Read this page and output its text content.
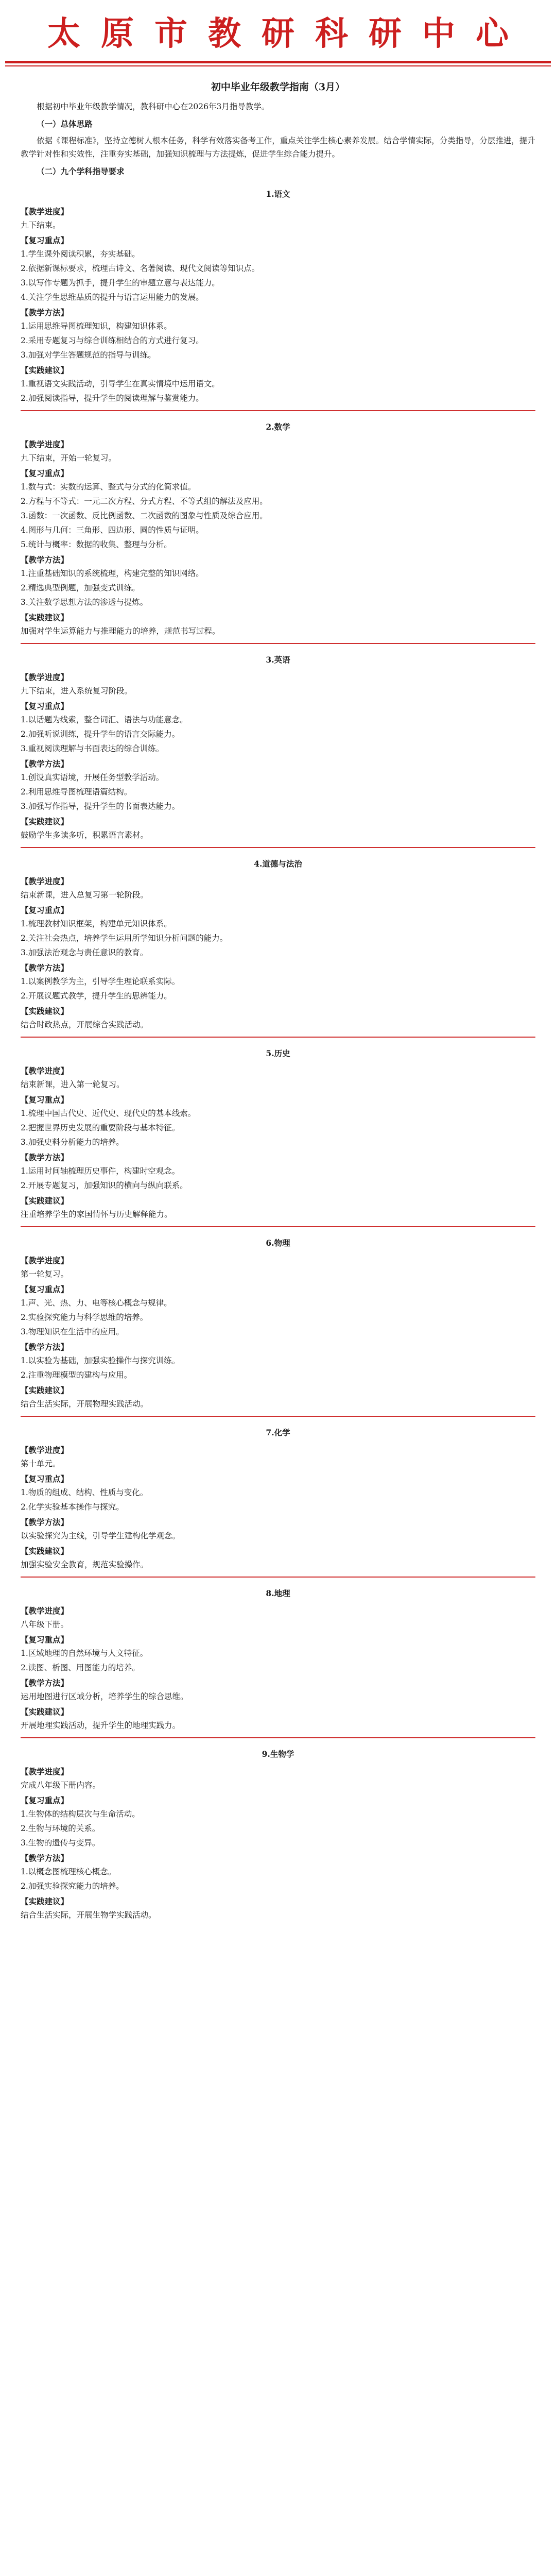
太原市教研科研中心
初中毕业年级教学指南（3月）
根据初中毕业年级教学情况，教科研中心在2026年3月指导教学。
（一）总体思路
依据《课程标准》，坚持立德树人根本任务，科学有效落实备考工作，重点关注学生核心素养发展。结合学情实际，分类指导，分层推进，提升教学针对性和实效性，注重夯实基础，加强知识梳理与方法提炼，促进学生综合能力提升。
（二）九个学科指导要求
1.语文
【教学进度】
九下结束。
【复习重点】
1.学生课外阅读积累，夯实基础。
2.依据新课标要求，梳理古诗文、名著阅读、现代文阅读等知识点。
3.以写作专题为抓手，提升学生的审题立意与表达能力。
4.关注学生思维品质的提升与语言运用能力的发展。
【教学方法】
1.运用思维导图梳理知识，构建知识体系。
2.采用专题复习与综合训练相结合的方式进行复习。
3.加强对学生答题规范的指导与训练。
【实践建议】
1.重视语文实践活动，引导学生在真实情境中运用语文。
2.加强阅读指导，提升学生的阅读理解与鉴赏能力。
2.数学
【教学进度】
九下结束，开始一轮复习。
【复习重点】
1.数与式：实数的运算、整式与分式的化简求值。
2.方程与不等式：一元二次方程、分式方程、不等式组的解法及应用。
3.函数：一次函数、反比例函数、二次函数的图象与性质及综合应用。
4.图形与几何：三角形、四边形、圆的性质与证明。
5.统计与概率：数据的收集、整理与分析。
【教学方法】
1.注重基础知识的系统梳理，构建完整的知识网络。
2.精选典型例题，加强变式训练。
3.关注数学思想方法的渗透与提炼。
【实践建议】
加强对学生运算能力与推理能力的培养，规范书写过程。
3.英语
【教学进度】
九下结束，进入系统复习阶段。
【复习重点】
1.以话题为线索，整合词汇、语法与功能意念。
2.加强听说训练，提升学生的语言交际能力。
3.重视阅读理解与书面表达的综合训练。
【教学方法】
1.创设真实语境，开展任务型教学活动。
2.利用思维导图梳理语篇结构。
3.加强写作指导，提升学生的书面表达能力。
【实践建议】
鼓励学生多读多听，积累语言素材。
4.道德与法治
【教学进度】
结束新课，进入总复习第一轮阶段。
【复习重点】
1.梳理教材知识框架，构建单元知识体系。
2.关注社会热点，培养学生运用所学知识分析问题的能力。
3.加强法治观念与责任意识的教育。
【教学方法】
1.以案例教学为主，引导学生理论联系实际。
2.开展议题式教学，提升学生的思辨能力。
【实践建议】
结合时政热点，开展综合实践活动。
5.历史
【教学进度】
结束新课，进入第一轮复习。
【复习重点】
1.梳理中国古代史、近代史、现代史的基本线索。
2.把握世界历史发展的重要阶段与基本特征。
3.加强史料分析能力的培养。
【教学方法】
1.运用时间轴梳理历史事件，构建时空观念。
2.开展专题复习，加强知识的横向与纵向联系。
【实践建议】
注重培养学生的家国情怀与历史解释能力。
6.物理
【教学进度】
第一轮复习。
【复习重点】
1.声、光、热、力、电等核心概念与规律。
2.实验探究能力与科学思维的培养。
3.物理知识在生活中的应用。
【教学方法】
1.以实验为基础，加强实验操作与探究训练。
2.注重物理模型的建构与应用。
【实践建议】
结合生活实际，开展物理实践活动。
7.化学
【教学进度】
第十单元。
【复习重点】
1.物质的组成、结构、性质与变化。
2.化学实验基本操作与探究。
【教学方法】
以实验探究为主线，引导学生建构化学观念。
【实践建议】
加强实验安全教育，规范实验操作。
8.地理
【教学进度】
八年级下册。
【复习重点】
1.区域地理的自然环境与人文特征。
2.读图、析图、用图能力的培养。
【教学方法】
运用地图进行区域分析，培养学生的综合思维。
【实践建议】
开展地理实践活动，提升学生的地理实践力。
9.生物学
【教学进度】
完成八年级下册内容。
【复习重点】
1.生物体的结构层次与生命活动。
2.生物与环境的关系。
3.生物的遗传与变异。
【教学方法】
1.以概念图梳理核心概念。
2.加强实验探究能力的培养。
【实践建议】
结合生活实际，开展生物学实践活动。
